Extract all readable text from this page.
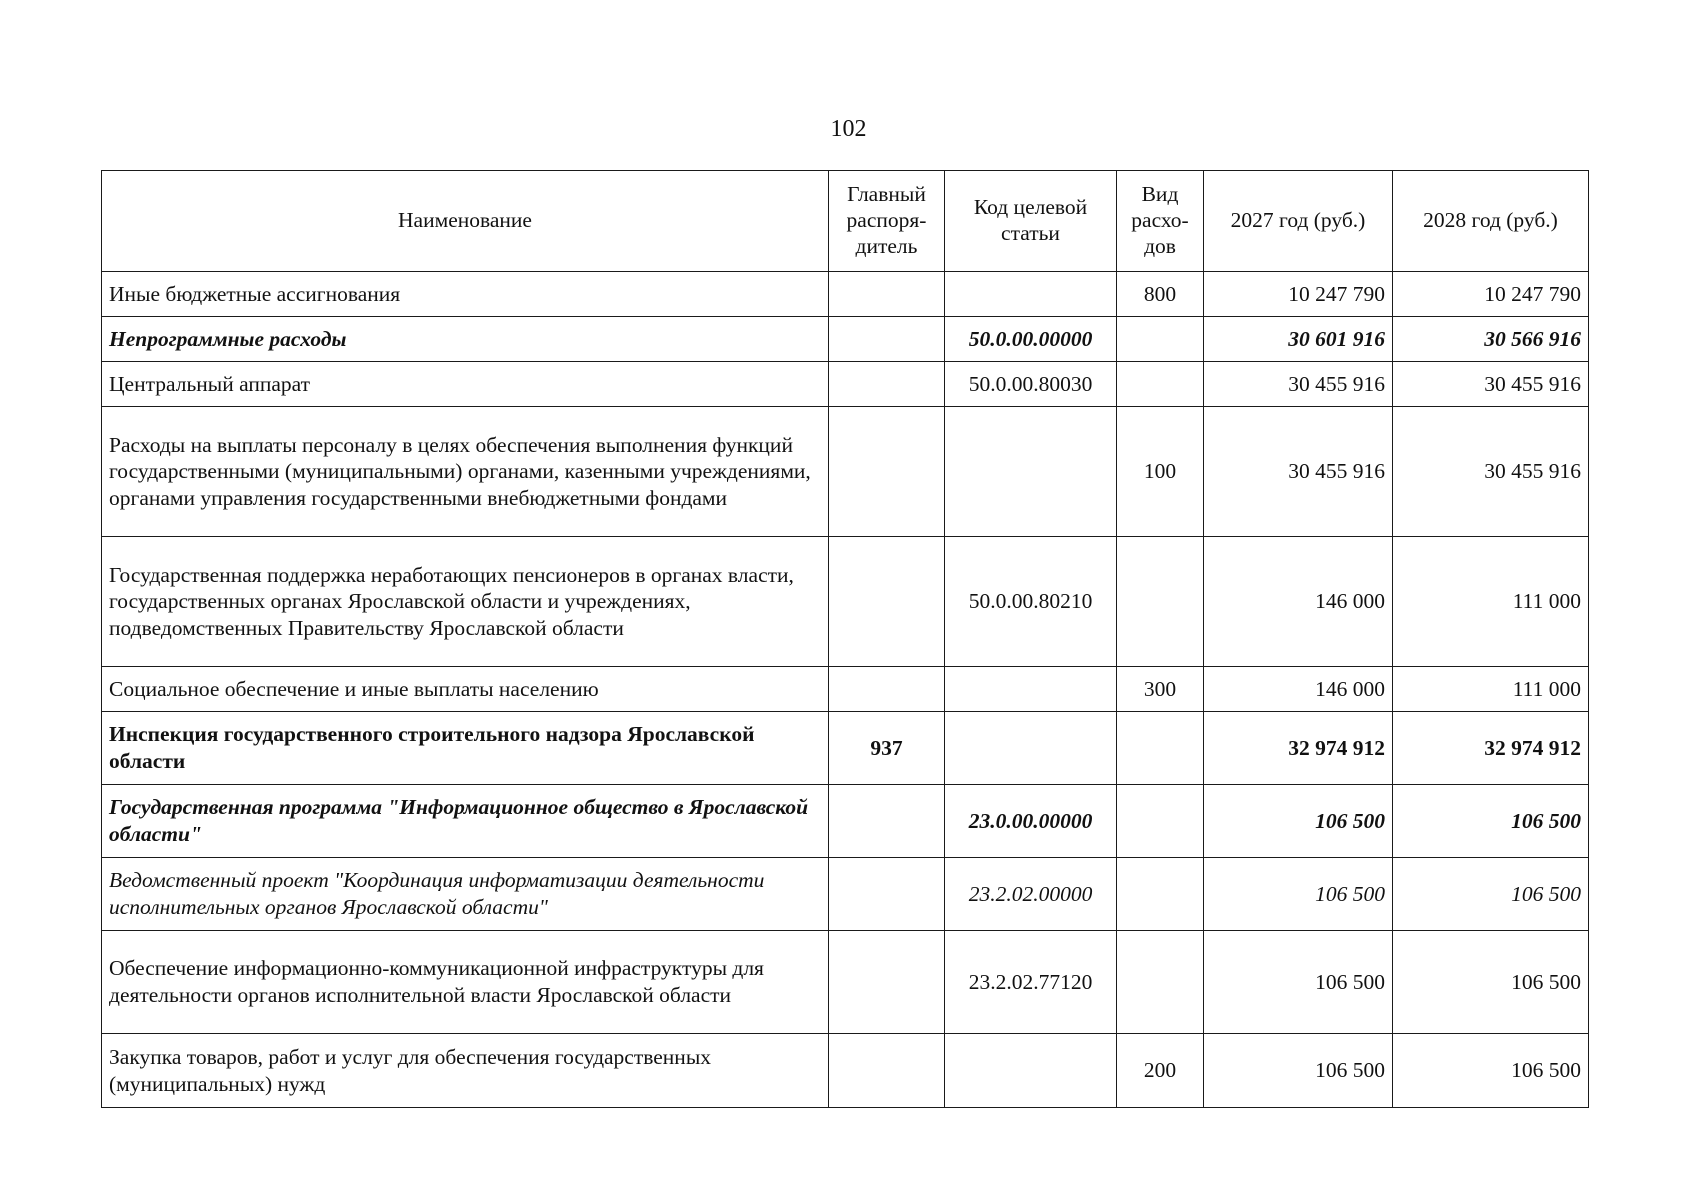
102
Наименование	Главный распоря-дитель	Код целевой статьи	Вид расхо-дов	2027 год (руб.)	2028 год (руб.)
Иные бюджетные ассигнования			800	10 247 790	10 247 790
Непрограммные расходы		50.0.00.00000		30 601 916	30 566 916
Центральный аппарат		50.0.00.80030		30 455 916	30 455 916
Расходы на выплаты персоналу в целях обеспечения выполнения функций государственными (муниципальными) органами, казенными учреждениями, органами управления государственными внебюджетными фондами			100	30 455 916	30 455 916
Государственная поддержка неработающих пенсионеров в органах власти, государственных органах Ярославской области и учреждениях, подведомственных Правительству Ярославской области		50.0.00.80210		146 000	111 000
Социальное обеспечение и иные выплаты населению			300	146 000	111 000
Инспекция государственного строительного надзора Ярославской области	937			32 974 912	32 974 912
Государственная программа "Информационное общество в Ярославской области"		23.0.00.00000		106 500	106 500
Ведомственный проект "Координация информатизации деятельности исполнительных органов Ярославской области"		23.2.02.00000		106 500	106 500
Обеспечение информационно-коммуникационной инфраструктуры для деятельности органов исполнительной власти Ярославской области		23.2.02.77120		106 500	106 500
Закупка товаров, работ и услуг для обеспечения государственных (муниципальных) нужд			200	106 500	106 500
